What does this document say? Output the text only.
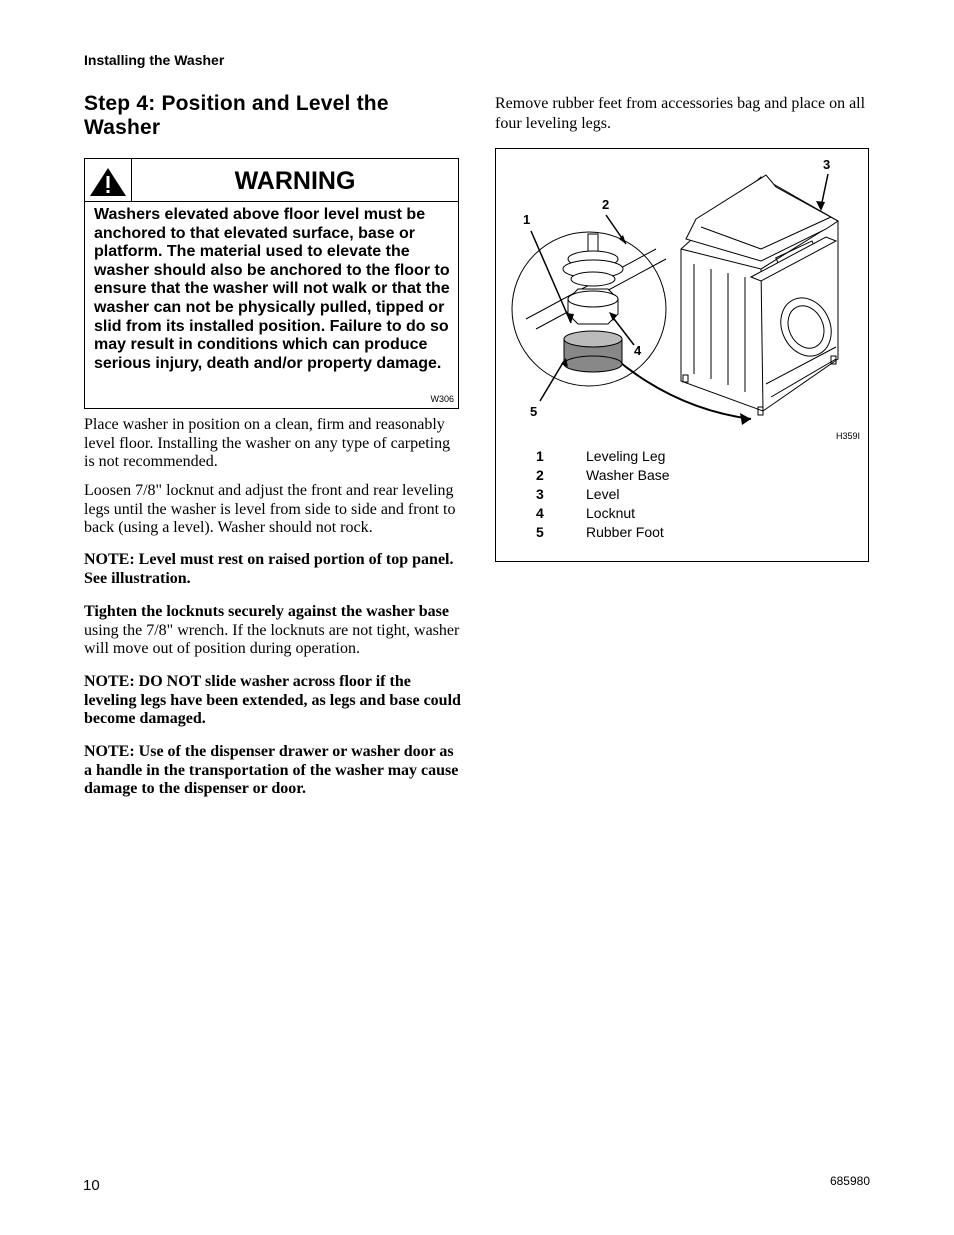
Installing the Washer
Step 4: Position and Level the Washer
WARNING

Washers elevated above floor level must be anchored to that elevated surface, base or platform. The material used to elevate the washer should also be anchored to the floor to ensure that the washer will not walk or that the washer can not be physically pulled, tipped or slid from its installed position. Failure to do so may result in conditions which can produce serious injury, death and/or property damage.

W306

Place washer in position on a clean, firm and reasonably level floor. Installing the washer on any type of carpeting is not recommended.

Loosen 7/8" locknut and adjust the front and rear leveling legs until the washer is level from side to side and front to back (using a level). Washer should not rock.

NOTE: Level must rest on raised portion of top panel. See illustration.

Tighten the locknuts securely against the washer base using the 7/8" wrench. If the locknuts are not tight, washer will move out of position during operation.

NOTE: DO NOT slide washer across floor if the leveling legs have been extended, as legs and base could become damaged.

NOTE: Use of the dispenser drawer or washer door as a handle in the transportation of the washer may cause damage to the dispenser or door.

Remove rubber feet from accessories bag and place on all four leveling legs.

1
2
3
4
5
H359I
1	Leveling Leg
2	Washer Base
3	Level
4	Locknut
5	Rubber Foot
10	685980
